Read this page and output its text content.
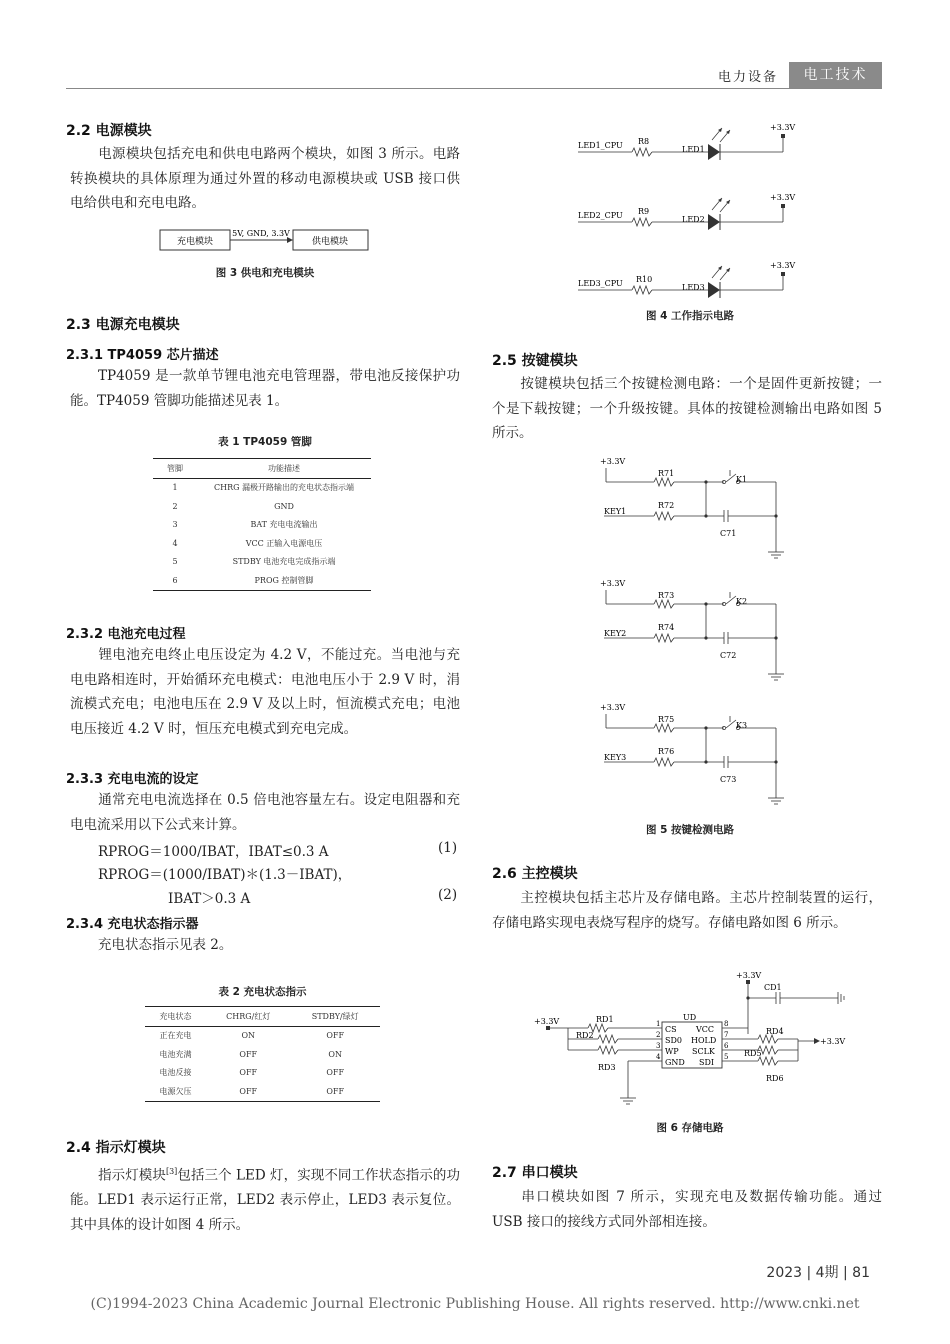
电力设备	电工技术
2.2 电源模块
电源模块包括充电和供电电路两个模块，如图 3 所示。电路转换模块的具体原理为通过外置的移动电源模块或 USB 接口供电给供电和充电电路。
充电模块	供电模块
5V, GND, 3.3V
图 3 供电和充电模块
2.3 电源充电模块
2.3.1 TP4059 芯片描述
TP4059 是一款单节锂电池充电管理器，带电池反接保护功能。TP4059 管脚功能描述见表 1。
表 1 TP4059 管脚
管脚	功能描述
1	CHRG 漏极开路输出的充电状态指示端
2	GND
3	BAT 充电电流输出
4	VCC 正输入电源电压
5	STDBY 电池充电完成指示端
6	PROG 控制管脚
2.3.2 电池充电过程
锂电池充电终止电压设定为 4.2 V，不能过充。当电池与充电电路相连时，开始循环充电模式：电池电压小于 2.9 V 时，涓流模式充电；电池电压在 2.9 V 及以上时，恒流模式充电；电池电压接近 4.2 V 时，恒压充电模式到充电完成。
2.3.3 充电电流的设定
通常充电电流选择在 0.5 倍电池容量左右。设定电阻器和充电电流采用以下公式来计算。
RPROG＝1000/IBAT，IBAT≤0.3 A	(1)
RPROG＝(1000/IBAT)＊(1.3－IBAT)，
IBAT＞0.3 A	(2)
2.3.4 充电状态指示器
充电状态指示见表 2。
表 2 充电状态指示
充电状态	CHRG/红灯	STDBY/绿灯
正在充电	ON	OFF
电池充满	OFF	ON
电池反接	OFF	OFF
电源欠压	OFF	OFF
2.4 指示灯模块
指示灯模块[3]包括三个 LED 灯，实现不同工作状态指示的功能。LED1 表示运行正常，LED2 表示停止，LED3 表示复位。其中具体的设计如图 4 所示。
LED1_CPU R8
LED1
+3.3V
LED2_CPU R9
LED2
+3.3V
LED3_CPU R10
LED3
+3.3V
图 4 工作指示电路
2.5 按键模块
按键模块包括三个按键检测电路：一个是固件更新按键；一个是下载按键；一个升级按键。具体的按键检测输出电路如图 5 所示。
+3.3V
R71
K1
KEY1
R72
C71
+3.3V
R73
K2
KEY2
R74
C72
+3.3V
R75
K3
KEY3
R76
C73
图 5 按键检测电路
2.6 主控模块
主控模块包括主芯片及存储电路。主芯片控制装置的运行，存储电路实现电表烧写程序的烧写。存储电路如图 6 所示。
+3.3V
CD1
UD
CS
SD0
WP
GND
VCC
HOLD
SCLK
SDI
1
2
3
4
8
7
6
5
+3.3V	RD1
RD2
RD3
RD4
RD5
RD6
+3.3V
图 6 存储电路
2.7 串口模块
串口模块如图 7 所示，实现充电及数据传输功能。通过 USB 接口的接线方式同外部相连接。
2023 | 4期 | 81
(C)1994-2023 China Academic Journal Electronic Publishing House. All rights reserved. http://www.cnki.net
